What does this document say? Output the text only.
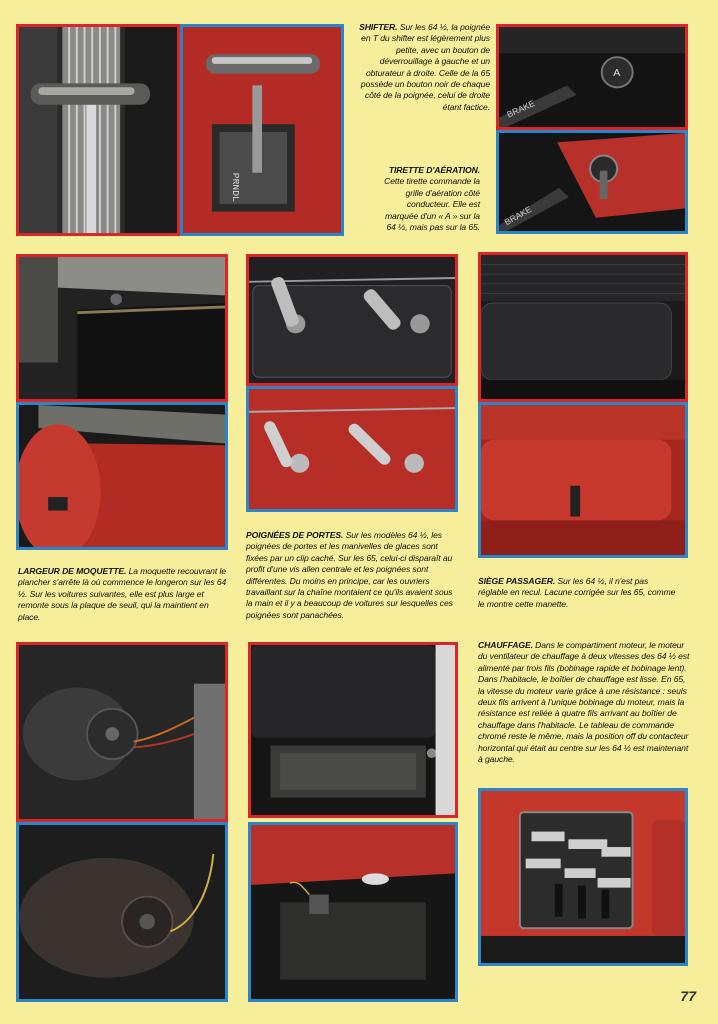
PRNDL
SHIFTER. Sur les 64 ½, la poignée en T du shifter est légèrement plus petite, avec un bouton de déverrouillage à gauche et un obturateur à droite. Celle de la 65 possède un bouton noir de chaque côté de la poignée, celui de droite étant factice.
TIRETTE D'AÉRATION. Cette tirette commande la grille d'aération côté conducteur. Elle est marquée d'un « A » sur la 64 ½, mais pas sur la 65.
A
BRAKE
BRAKE
LARGEUR DE MOQUETTE. La moquette recouvrant le plancher s'arrête là où commence le longeron sur les 64 ½. Sur les voitures suivantes, elle est plus large et remonte sous la plaque de seuil, qui la maintient en place.
POIGNÉES DE PORTES. Sur les modèles 64 ½, les poignées de portes et les manivelles de glaces sont fixées par un clip caché. Sur les 65, celui-ci disparaît au profit d'une vis allen centrale et les poignées sont différentes. Du moins en principe, car les ouvriers travaillant sur la chaîne montaient ce qu'ils avaient sous la main et il y a beaucoup de voitures sur lesquelles ces poignées sont panachées.
SIÈGE PASSAGER. Sur les 64 ½, il n'est pas réglable en recul. Lacune corrigée sur les 65, comme le montre cette manette.
CHAUFFAGE. Dans le compartiment moteur, le moteur du ventilateur de chauffage à deux vitesses des 64 ½ est alimenté par trois fils (bobinage rapide et bobinage lent). Dans l'habitacle, le boîtier de chauffage est lisse. En 65, la vitesse du moteur varie grâce à une résistance : seuls deux fils arrivent à l'unique bobinage du moteur, mais la résistance est reliée à quatre fils arrivant au boîtier de chauffage dans l'habitacle. Le tableau de commande chromé reste le même, mais la position off du contacteur horizontal qui était au centre sur les 64 ½ est maintenant à gauche.
77
